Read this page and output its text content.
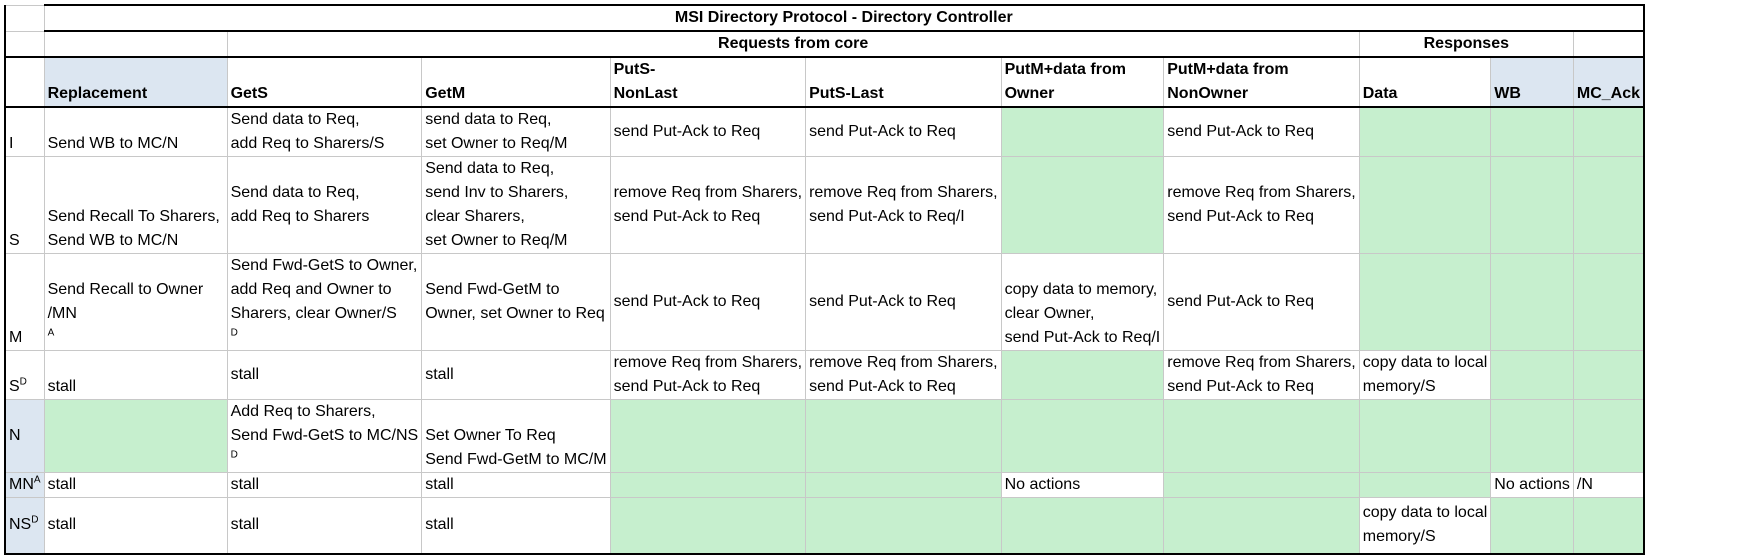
	MSI Directory Protocol - Directory Controller									
		Requests from core						Responses		
	Replacement	GetS	GetM	PutS-
NonLast	PutS-Last	PutM+data from
Owner	PutM+data from
NonOwner	Data	WB	MC_Ack
I	Send WB to MC/N	Send data to Req,
add Req to Sharers/S	send data to Req,
set Owner to Req/M	send Put-Ack to Req	send Put-Ack to Req		send Put-Ack to Req			
S	Send Recall To Sharers,
Send WB to MC/N	Send data to Req,
add Req to Sharers	Send data to Req,
send Inv to Sharers,
clear Sharers,
set Owner to Req/M	remove Req from Sharers,
send Put-Ack to Req	remove Req from Sharers,
send Put-Ack to Req/I		remove Req from Sharers,
send Put-Ack to Req			

M	Send Recall to Owner
/MN
$^A$	Send Fwd-GetS to Owner,
add Req and Owner to
Sharers, clear Owner/S
$^D$	Send Fwd-GetM to
Owner, set Owner to Req	send Put-Ack to Req	send Put-Ack to Req	copy data to memory,
clear Owner,
send Put-Ack to Req/I	send Put-Ack to Req			
$S^D$	stall	stall	stall	remove Req from Sharers,
send Put-Ack to Req	remove Req from Sharers,
send Put-Ack to Req		remove Req from Sharers,
send Put-Ack to Req	copy data to local
memory/S		

N		Add Req to Sharers,
Send Fwd-GetS to MC/NS
$^D$	Set Owner To Req
Send Fwd-GetM to MC/M							

$MN^A$	stall	stall	stall			No actions			No actions	/N
$NS^D$	stall	stall	stall					copy data to local
memory/S		
